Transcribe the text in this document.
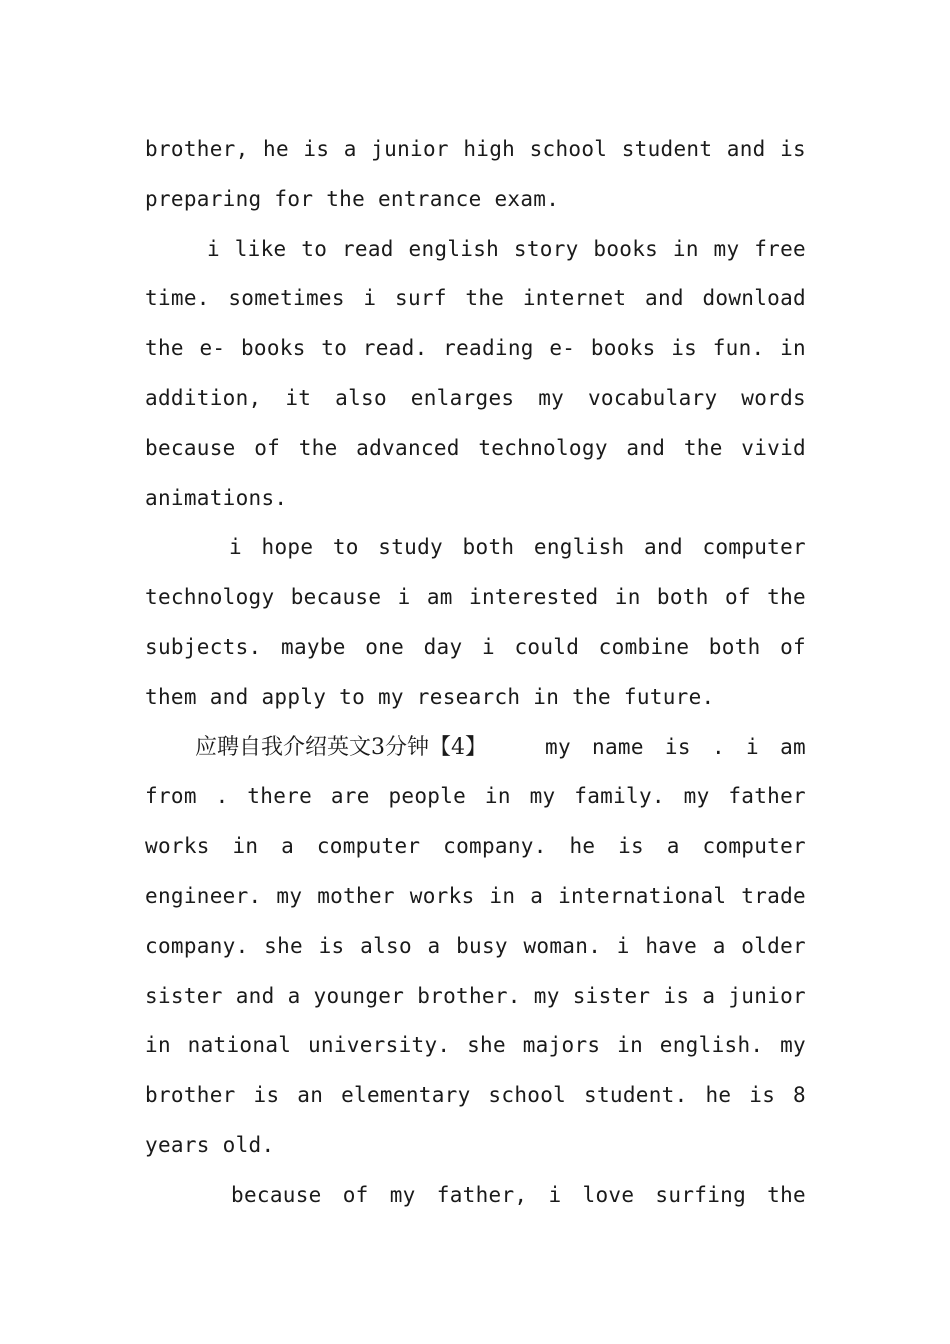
brother, he is a junior high school student and is
preparing for the entrance exam.
i like to read english story books in my free
time. sometimes i surf the internet and download
the e- books to read. reading e- books is fun. in
addition, it also enlarges my vocabulary words
because of the advanced technology and the vivid
animations.
i hope to study both english and computer
technology because i am interested in both of the
subjects. maybe one day i could combine both of
them and apply to my research in the future.
应聘自我介绍英文3分钟【4】	my name is . i am
from . there are people in my family. my father
works in a computer company. he is a computer
engineer. my mother works in a international trade
company. she is also a busy woman. i have a older
sister and a younger brother. my sister is a junior
in national university. she majors in english. my
brother is an elementary school student. he is 8
years old.
because of my father, i love surfing the
